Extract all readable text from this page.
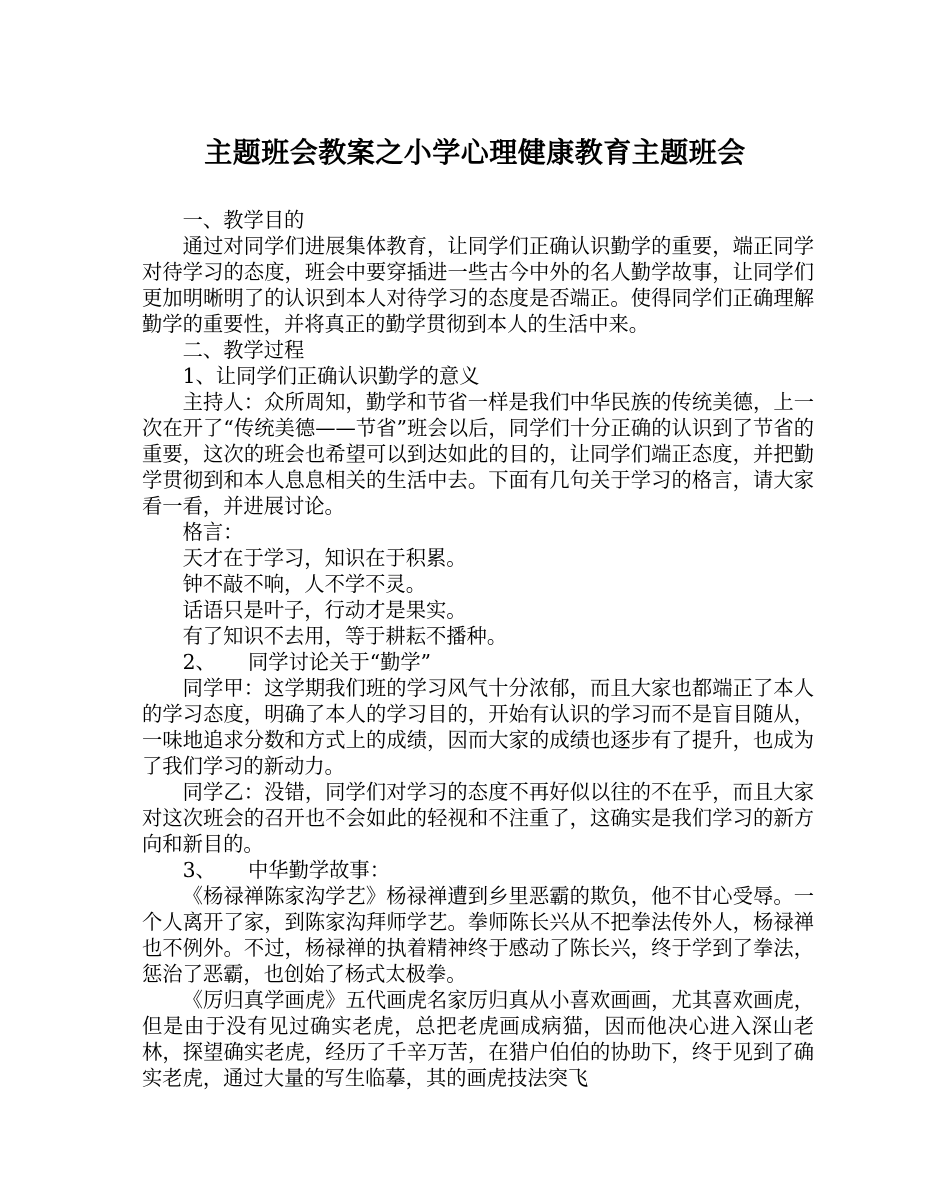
主题班会教案之小学心理健康教育主题班会

一、教学目的

通过对同学们进展集体教育，让同学们正确认识勤学的重要，端正同学对待学习的态度，班会中要穿插进一些古今中外的名人勤学故事，让同学们更加明晰明了的认识到本人对待学习的态度是否端正。使得同学们正确理解勤学的重要性，并将真正的勤学贯彻到本人的生活中来。

二、教学过程

1、让同学们正确认识勤学的意义

主持人：众所周知，勤学和节省一样是我们中华民族的传统美德，上一次在开了“传统美德——节省”班会以后，同学们十分正确的认识到了节省的重要，这次的班会也希望可以到达如此的目的，让同学们端正态度，并把勤学贯彻到和本人息息相关的生活中去。下面有几句关于学习的格言，请大家看一看，并进展讨论。

格言：

天才在于学习，知识在于积累。

钟不敲不响，人不学不灵。

话语只是叶子，行动才是果实。

有了知识不去用，等于耕耘不播种。

2、     同学讨论关于“勤学”

同学甲：这学期我们班的学习风气十分浓郁，而且大家也都端正了本人的学习态度，明确了本人的学习目的，开始有认识的学习而不是盲目随从，一味地追求分数和方式上的成绩，因而大家的成绩也逐步有了提升，也成为了我们学习的新动力。

同学乙：没错，同学们对学习的态度不再好似以往的不在乎，而且大家对这次班会的召开也不会如此的轻视和不注重了，这确实是我们学习的新方向和新目的。

3、     中华勤学故事：

《杨禄禅陈家沟学艺》杨禄禅遭到乡里恶霸的欺负，他不甘心受辱。一个人离开了家，到陈家沟拜师学艺。拳师陈长兴从不把拳法传外人，杨禄禅也不例外。不过，杨禄禅的执着精神终于感动了陈长兴，终于学到了拳法，惩治了恶霸，也创始了杨式太极拳。

《厉归真学画虎》五代画虎名家厉归真从小喜欢画画，尤其喜欢画虎，但是由于没有见过确实老虎，总把老虎画成病猫，因而他决心进入深山老林，探望确实老虎，经历了千辛万苦，在猎户伯伯的协助下，终于见到了确实老虎，通过大量的写生临摹，其的画虎技法突飞
